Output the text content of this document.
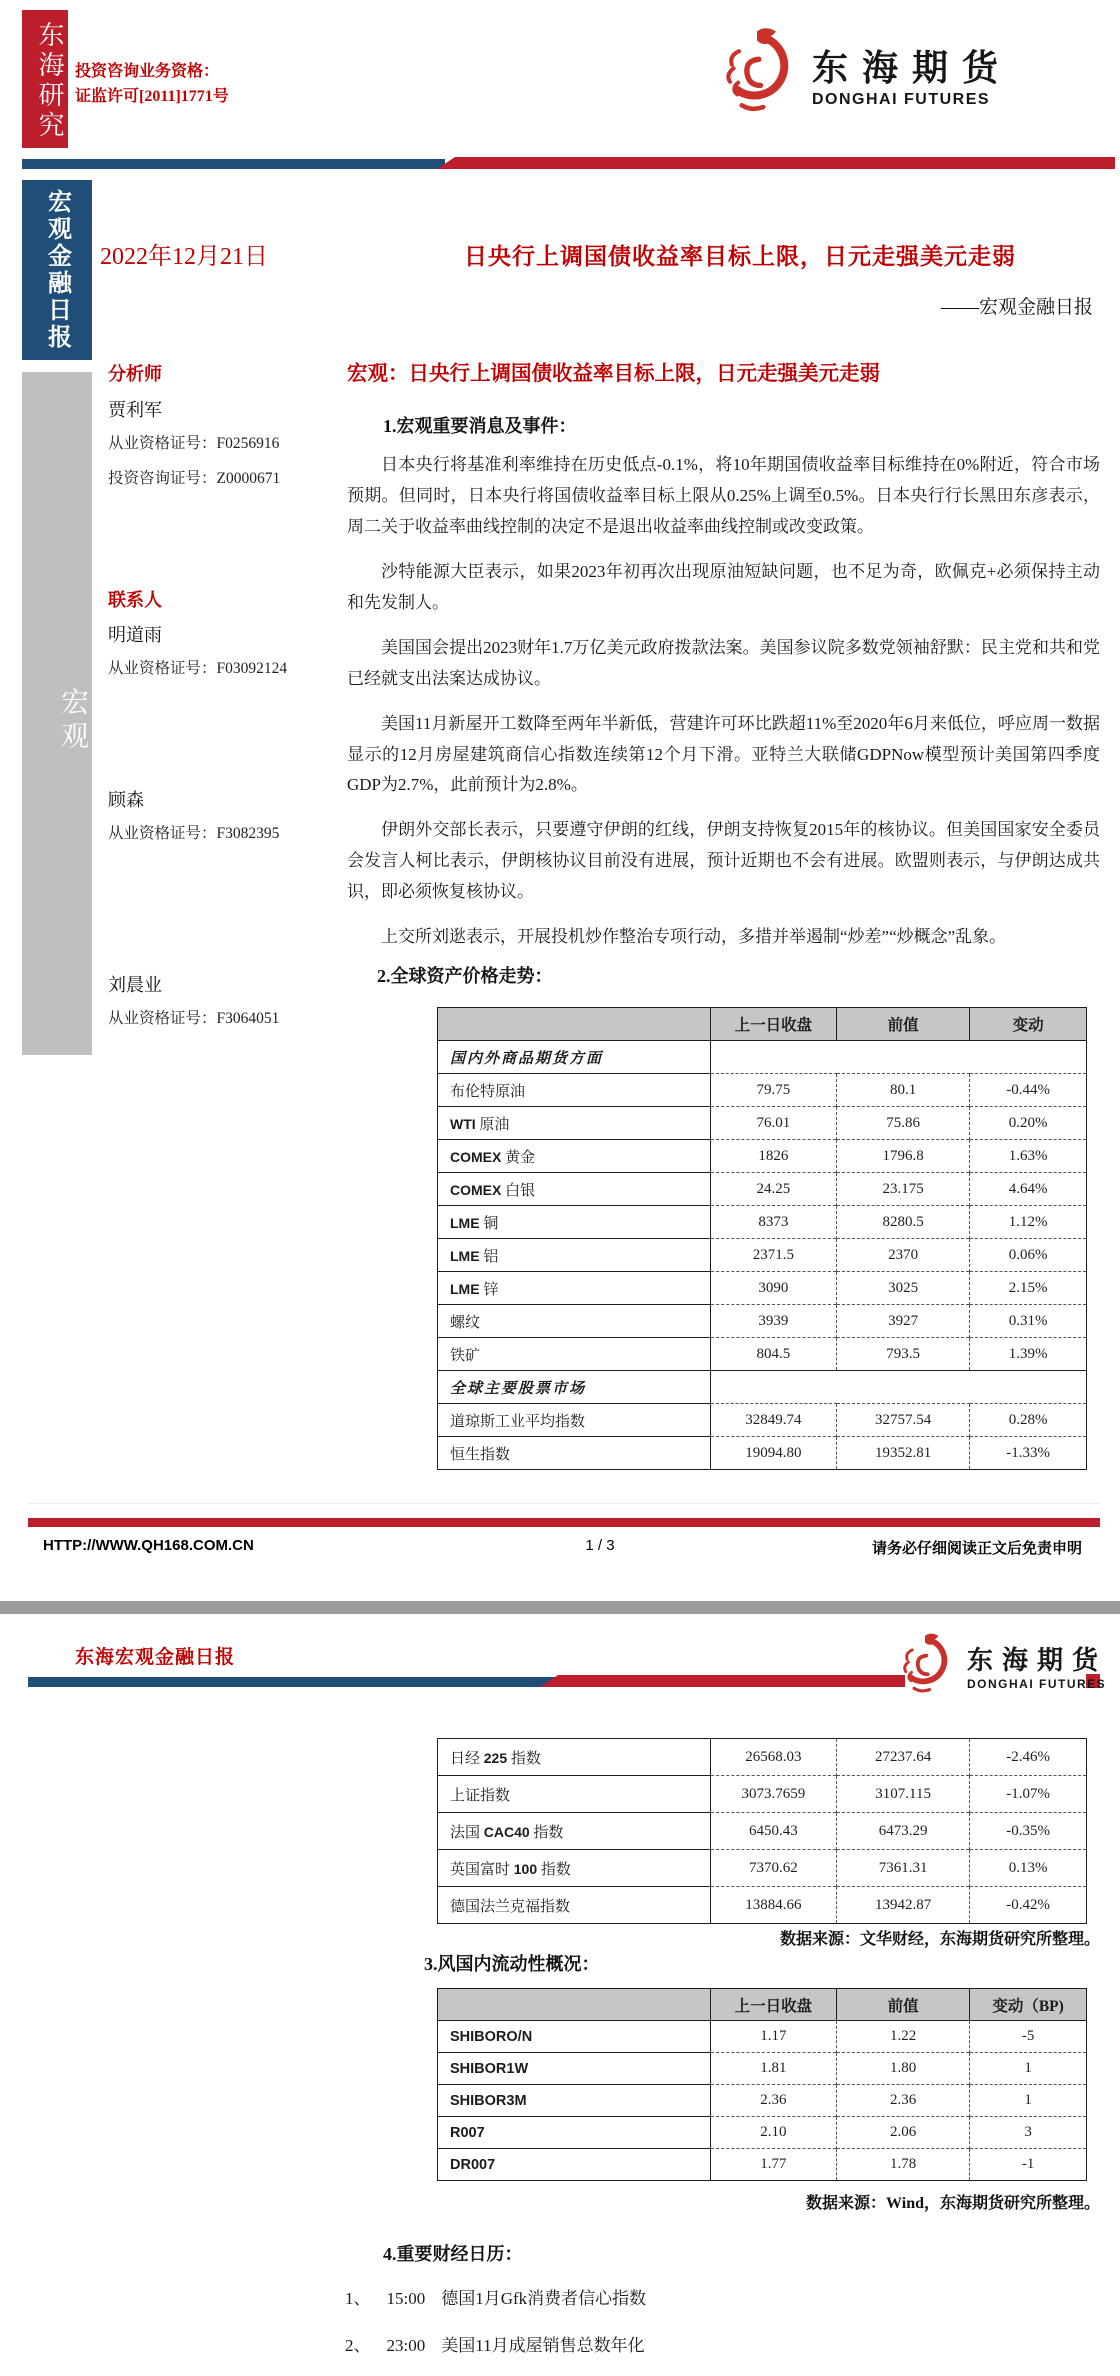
东海研究 投资咨询业务资格：
证监许可[2011]1771号
东海期货
DONGHAI FUTURES
宏观金融日报
宏观
2022年12月21日
分析师
贾利军
从业资格证号：F0256916
投资咨询证号：Z0000671
联系人
明道雨
从业资格证号：F03092124
顾森
从业资格证号：F3082395
刘晨业
从业资格证号：F3064051
日央行上调国债收益率目标上限，日元走强美元走弱
——宏观金融日报
宏观：日央行上调国债收益率目标上限，日元走强美元走弱
1.宏观重要消息及事件：

日本央行将基准利率维持在历史低点-0.1%，将10年期国债收益率目标维持在0%附近，符合市场预期。但同时，日本央行将国债收益率目标上限从0.25%上调至0.5%。日本央行行长黑田东彦表示，周二关于收益率曲线控制的决定不是退出收益率曲线控制或改变政策。

沙特能源大臣表示，如果2023年初再次出现原油短缺问题，也不足为奇，欧佩克+必须保持主动和先发制人。

美国国会提出2023财年1.7万亿美元政府拨款法案。美国参议院多数党领袖舒默：民主党和共和党已经就支出法案达成协议。

美国11月新屋开工数降至两年半新低，营建许可环比跌超11%至2020年6月来低位，呼应周一数据显示的12月房屋建筑商信心指数连续第12个月下滑。亚特兰大联储GDPNow模型预计美国第四季度GDP为2.7%，此前预计为2.8%。

伊朗外交部长表示，只要遵守伊朗的红线，伊朗支持恢复2015年的核协议。但美国国家安全委员会发言人柯比表示，伊朗核协议目前没有进展，预计近期也不会有进展。欧盟则表示，与伊朗达成共识，即必须恢复核协议。

上交所刘逖表示，开展投机炒作整治专项行动，多措并举遏制“炒差”“炒概念”乱象。

2.全球资产价格走势：
	上一日收盘	前值	变动
国内外商品期货方面			
布伦特原油	79.75	80.1	-0.44%
WTI 原油	76.01	75.86	0.20%
COMEX 黄金	1826	1796.8	1.63%
COMEX 白银	24.25	23.175	4.64%
LME 铜	8373	8280.5	1.12%
LME 铝	2371.5	2370	0.06%
LME 锌	3090	3025	2.15%
螺纹	3939	3927	0.31%
铁矿	804.5	793.5	1.39%
全球主要股票市场			
道琼斯工业平均指数	32849.74	32757.54	0.28%
恒生指数	19094.80	19352.81	-1.33%
HTTP://WWW.QH168.COM.CN	1 / 3	请务必仔细阅读正文后免责申明
东海宏观金融日报	东海期货
DONGHAI FUTURES
日经 225 指数	26568.03	27237.64	-2.46%
上证指数	3073.7659	3107.115	-1.07%
法国 CAC40 指数	6450.43	6473.29	-0.35%
英国富时 100 指数	7370.62	7361.31	0.13%
德国法兰克福指数	13884.66	13942.87	-0.42%
数据来源：文华财经，东海期货研究所整理。
3.风国内流动性概况：
	上一日收盘	前值	变动（BP)
SHIBORO/N	1.17	1.22	-5
SHIBOR1W	1.81	1.80	1
SHIBOR3M	2.36	2.36	1
R007	2.10	2.06	3
DR007	1.77	1.78	-1
数据来源：Wind，东海期货研究所整理。
4.重要财经日历：
1、 15:00 德国1月Gfk消费者信心指数
2、 23:00 美国11月成屋销售总数年化
